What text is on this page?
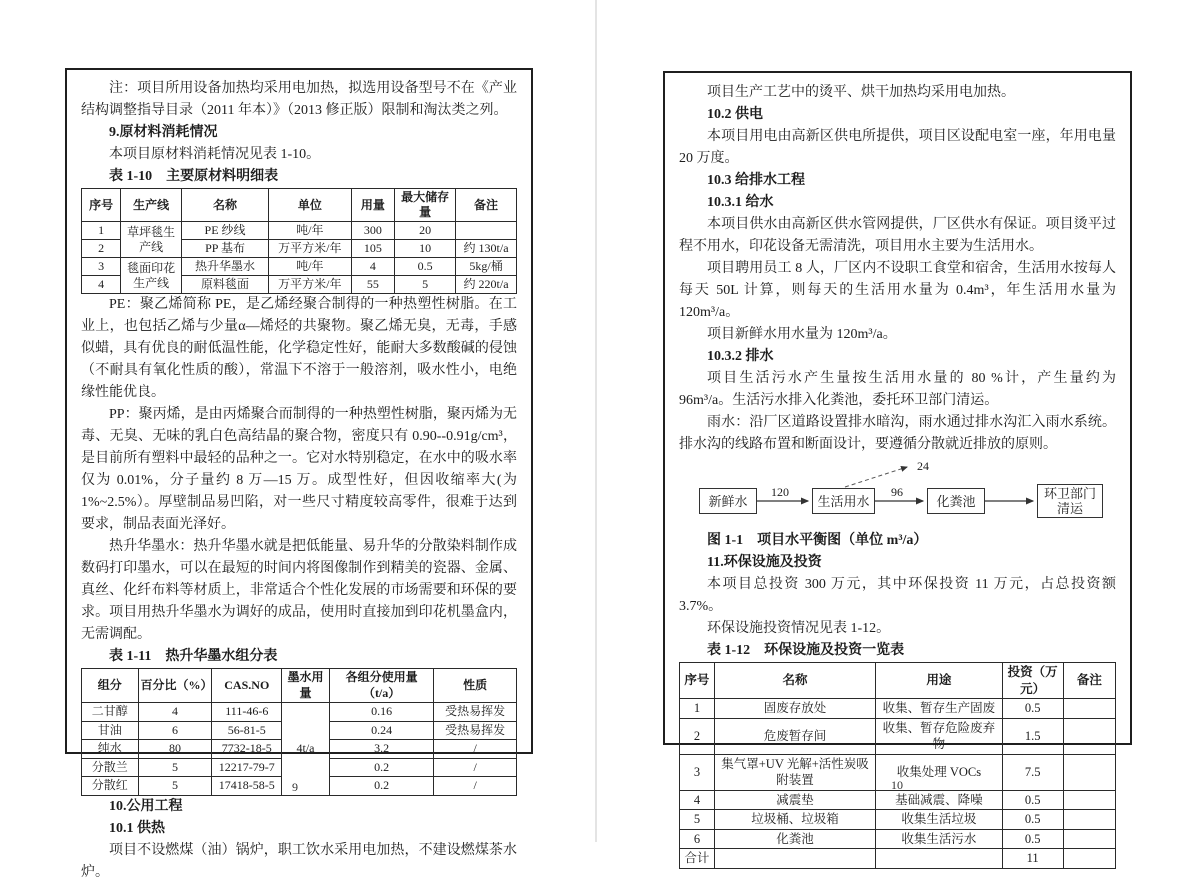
注：项目所用设备加热均采用电加热，拟选用设备型号不在《产业结构调整指导目录（2011 年本）》（2013 修正版）限制和淘汰类之列。

9.原材料消耗情况

本项目原材料消耗情况见表 1-10。

表 1-10　主要原材料明细表

序号	生产线	名称	单位	用量	最大储存量	备注
1	草坪毯生产线	PE 纱线	吨/年	300	20	
2		PP 基布	万平方米/年	105	10	约 130t/a
3	毯面印花生产线	热升华墨水	吨/年	4	0.5	5kg/桶
4		原料毯面	万平方米/年	55	5	约 220t/a

PE：聚乙烯简称 PE，是乙烯经聚合制得的一种热塑性树脂。在工业上，也包括乙烯与少量α—烯烃的共聚物。聚乙烯无臭，无毒，手感似蜡，具有优良的耐低温性能，化学稳定性好，能耐大多数酸碱的侵蚀（不耐具有氧化性质的酸），常温下不溶于一般溶剂，吸水性小，电绝缘性能优良。

PP：聚丙烯，是由丙烯聚合而制得的一种热塑性树脂，聚丙烯为无毒、无臭、无味的乳白色高结晶的聚合物，密度只有 0.90--0.91g/cm³，是目前所有塑料中最轻的品种之一。它对水特别稳定，在水中的吸水率仅为 0.01%，分子量约 8 万—15 万。成型性好，但因收缩率大(为 1%~2.5%）。厚壁制品易凹陷，对一些尺寸精度较高零件，很难于达到要求，制品表面光泽好。

热升华墨水：热升华墨水就是把低能量、易升华的分散染料制作成数码打印墨水，可以在最短的时间内将图像制作到精美的瓷器、金属、真丝、化纤布料等材质上，非常适合个性化发展的市场需要和环保的要求。项目用热升华墨水为调好的成品，使用时直接加到印花机墨盒内，无需调配。

表 1-11　热升华墨水组分表

组分	百分比（%）	CAS.NO	墨水用量	各组分使用量（t/a）	性质
二甘醇	4	111-46-6	4t/a	0.16	受热易挥发
甘油	6	56-81-5		0.24	受热易挥发
纯水	80	7732-18-5		3.2	/
分散兰	5	12217-79-7		0.2	/
分散红	5	17418-58-5		0.2	/

10.公用工程

10.1 供热

项目不设燃煤（油）锅炉，职工饮水采用电加热，不建设燃煤茶水炉。

9

项目生产工艺中的烫平、烘干加热均采用电加热。

10.2 供电

本项目用电由高新区供电所提供，项目区设配电室一座，年用电量 20 万度。

10.3 给排水工程

10.3.1 给水

本项目供水由高新区供水管网提供，厂区供水有保证。项目烫平过程不用水，印花设备无需清洗，项目用水主要为生活用水。

项目聘用员工 8 人，厂区内不设职工食堂和宿舍，生活用水按每人每天 50L 计算，则每天的生活用水量为 0.4m³，年生活用水量为 120m³/a。

项目新鲜水用水量为 120m³/a。

10.3.2 排水

项目生活污水产生量按生活用水量的 80 %计，产生量约为 96m³/a。生活污水排入化粪池，委托环卫部门清运。

雨水：沿厂区道路设置排水暗沟，雨水通过排水沟汇入雨水系统。排水沟的线路布置和断面设计，要遵循分散就近排放的原则。

新鲜水	生活用水	化粪池	环卫部门清运
120	96
24

图 1-1　项目水平衡图（单位 m³/a）

11.环保设施及投资

本项目总投资 300 万元，其中环保投资 11 万元，占总投资额 3.7%。

环保设施投资情况见表 1-12。

表 1-12　环保设施及投资一览表

序号	名称	用途	投资（万元）	备注
1	固废存放处	收集、暂存生产固废	0.5	
2	危废暂存间	收集、暂存危险废弃物	1.5	
3	集气罩+UV 光解+活性炭吸附装置	收集处理 VOCs	7.5	
4	减震垫	基础减震、降噪	0.5	
5	垃圾桶、垃圾箱	收集生活垃圾	0.5	
6	化粪池	收集生活污水	0.5	
合计			11	
10
